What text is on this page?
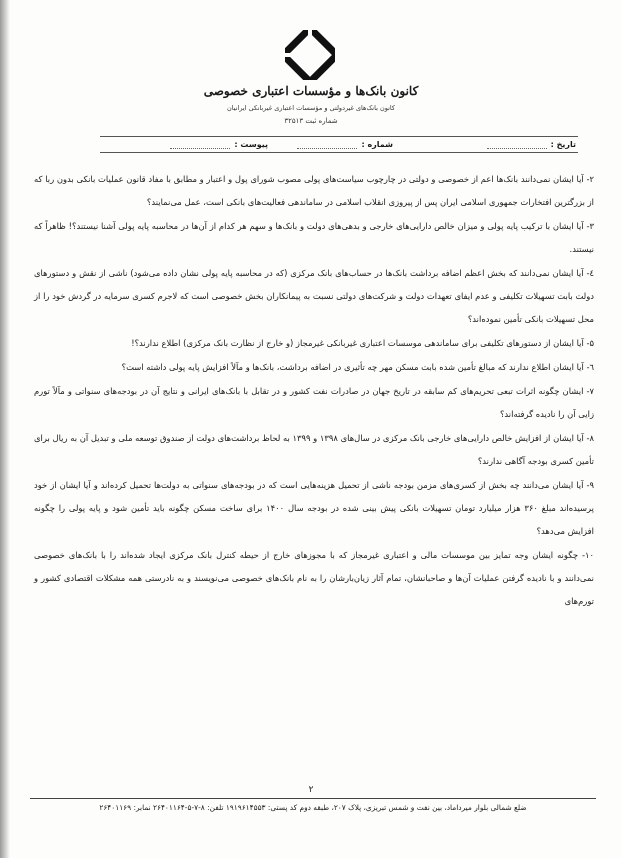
کانون بانک‌ها و مؤسسات اعتباری خصوصی
کانون بانک‌های غیردولتی و مؤسسات اعتباری غیربانکی ایرانیان
شماره ثبت ۳۲۵۱۳
تاریخ :
شماره :
پیوست :

۲- آیا ایشان نمی‌دانند بانک‌ها اعم از خصوصی و دولتی در چارچوب سیاست‌های پولی مصوب شورای پول و اعتبار و مطابق با مفاد قانون عملیات بانکی بدون ربا که از بزرگترین افتخارات جمهوری اسلامی ایران پس از پیروزی انقلاب اسلامی در ساماندهی فعالیت‌های بانکی است، عمل می‌نمایند؟

۳- آیا ایشان با ترکیب پایه پولی و میزان خالص دارایی‌های خارجی و بدهی‌های دولت و بانک‌ها و سهم هر کدام از آن‌ها در محاسبه پایه پولی آشنا نیستند؟! ظاهراً که نیستند.

٤- آیا ایشان نمی‌دانند که بخش اعظم اضافه برداشت بانک‌ها در حساب‌های بانک مرکزی (که در محاسبه پایه پولی نشان داده می‌شود) ناشی از نقش و دستورهای دولت بابت تسهیلات تکلیفی و عدم ایفای تعهدات دولت و شرکت‌های دولتی نسبت به پیمانکاران بخش خصوصی است که لاجرم کسری سرمایه در گردش خود را از محل تسهیلات بانکی تأمین نموده‌اند؟

۵- آیا ایشان از دستورهای تکلیفی برای ساماندهی موسسات اعتباری غیربانکی غیرمجاز (و خارج از نظارت بانک مرکزی) اطلاع ندارند؟!

٦- آیا ایشان اطلاع ندارند که مبالغ تأمین شده بابت مسکن مهر چه تأثیری در اضافه برداشت، بانک‌ها و مآلاً افزایش پایه پولی داشته است؟

۷- ایشان چگونه اثرات تبعی تحریم‌های کم سابقه در تاریخ جهان در صادرات نفت کشور و در تقابل با بانک‌های ایرانی و نتایج آن در بودجه‌های سنواتی و مآلاً تورم زایی آن را نادیده گرفته‌اند؟

۸- آیا ایشان از افزایش خالص دارایی‌های خارجی بانک مرکزی در سال‌های ۱۳۹۸ و ۱۳۹۹ به لحاظ برداشت‌های دولت از صندوق توسعه ملی و تبدیل آن به ریال برای تأمین کسری بودجه آگاهی ندارند؟

۹- آیا ایشان می‌دانند چه بخش از کسری‌های مزمن بودجه ناشی از تحمیل هزینه‌هایی است که در بودجه‌های سنواتی به دولت‌ها تحمیل کرده‌اند و آیا ایشان از خود پرسیده‌اند مبلغ ۳۶۰ هزار میلیارد تومان تسهیلات بانکی پیش بینی شده در بودجه سال ۱۴۰۰ برای ساخت مسکن چگونه باید تأمین شود و پایه پولی را چگونه افزایش می‌دهد؟

۱۰- چگونه ایشان وجه تمایز بین موسسات مالی و اعتباری غیرمجاز که با مجوزهای خارج از حیطه کنترل بانک مرکزی ایجاد شده‌اند را با بانک‌های خصوصی نمی‌دانند و با نادیده گرفتن عملیات آن‌ها و صاحبانشان، تمام آثار زیان‌بارشان را به نام بانک‌های خصوصی می‌نویسند و به نادرستی همه مشکلات اقتصادی کشور و تورم‌های

۲
ضلع شمالی بلوار میرداماد، بین نفت و شمس تبریزی، پلاک ۲۰۷، طبقه دوم کد پستی: ۱۹۱۹۶۱۴۵۵۳ تلفن: ۸-۷-۵-۲۶۴۰۱۱۶۴ نمابر: ۲۶۴۰۱۱۶۹
